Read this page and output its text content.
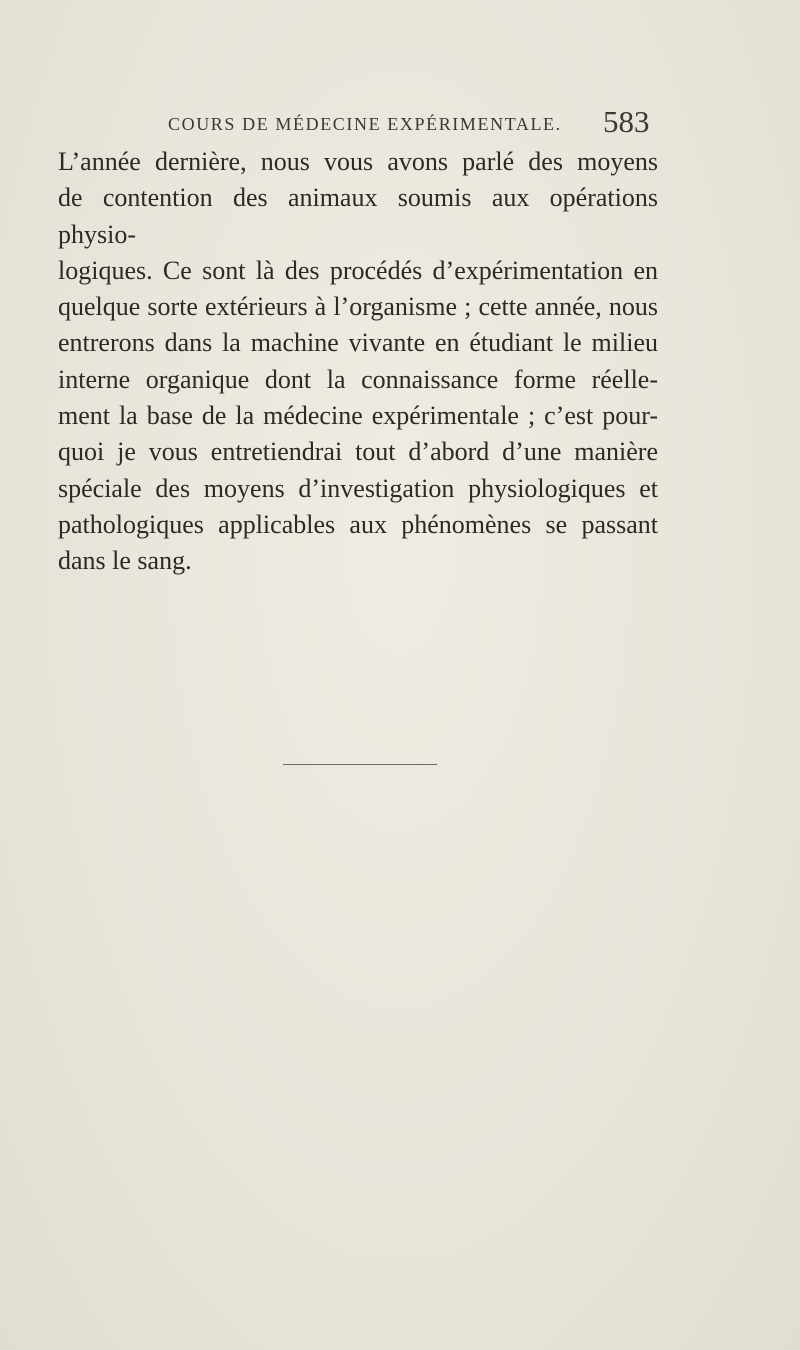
COURS DE MÉDECINE EXPÉRIMENTALE. 583
L’année dernière, nous vous avons parlé des moyens
de contention des animaux soumis aux opérations physio-
logiques. Ce sont là des procédés d’expérimentation en
quelque sorte extérieurs à l’organisme ; cette année, nous
entrerons dans la machine vivante en étudiant le milieu
interne organique dont la connaissance forme réelle-
ment la base de la médecine expérimentale ; c’est pour-
quoi je vous entretiendrai tout d’abord d’une manière
spéciale des moyens d’investigation physiologiques et
pathologiques applicables aux phénomènes se passant
dans le sang.
